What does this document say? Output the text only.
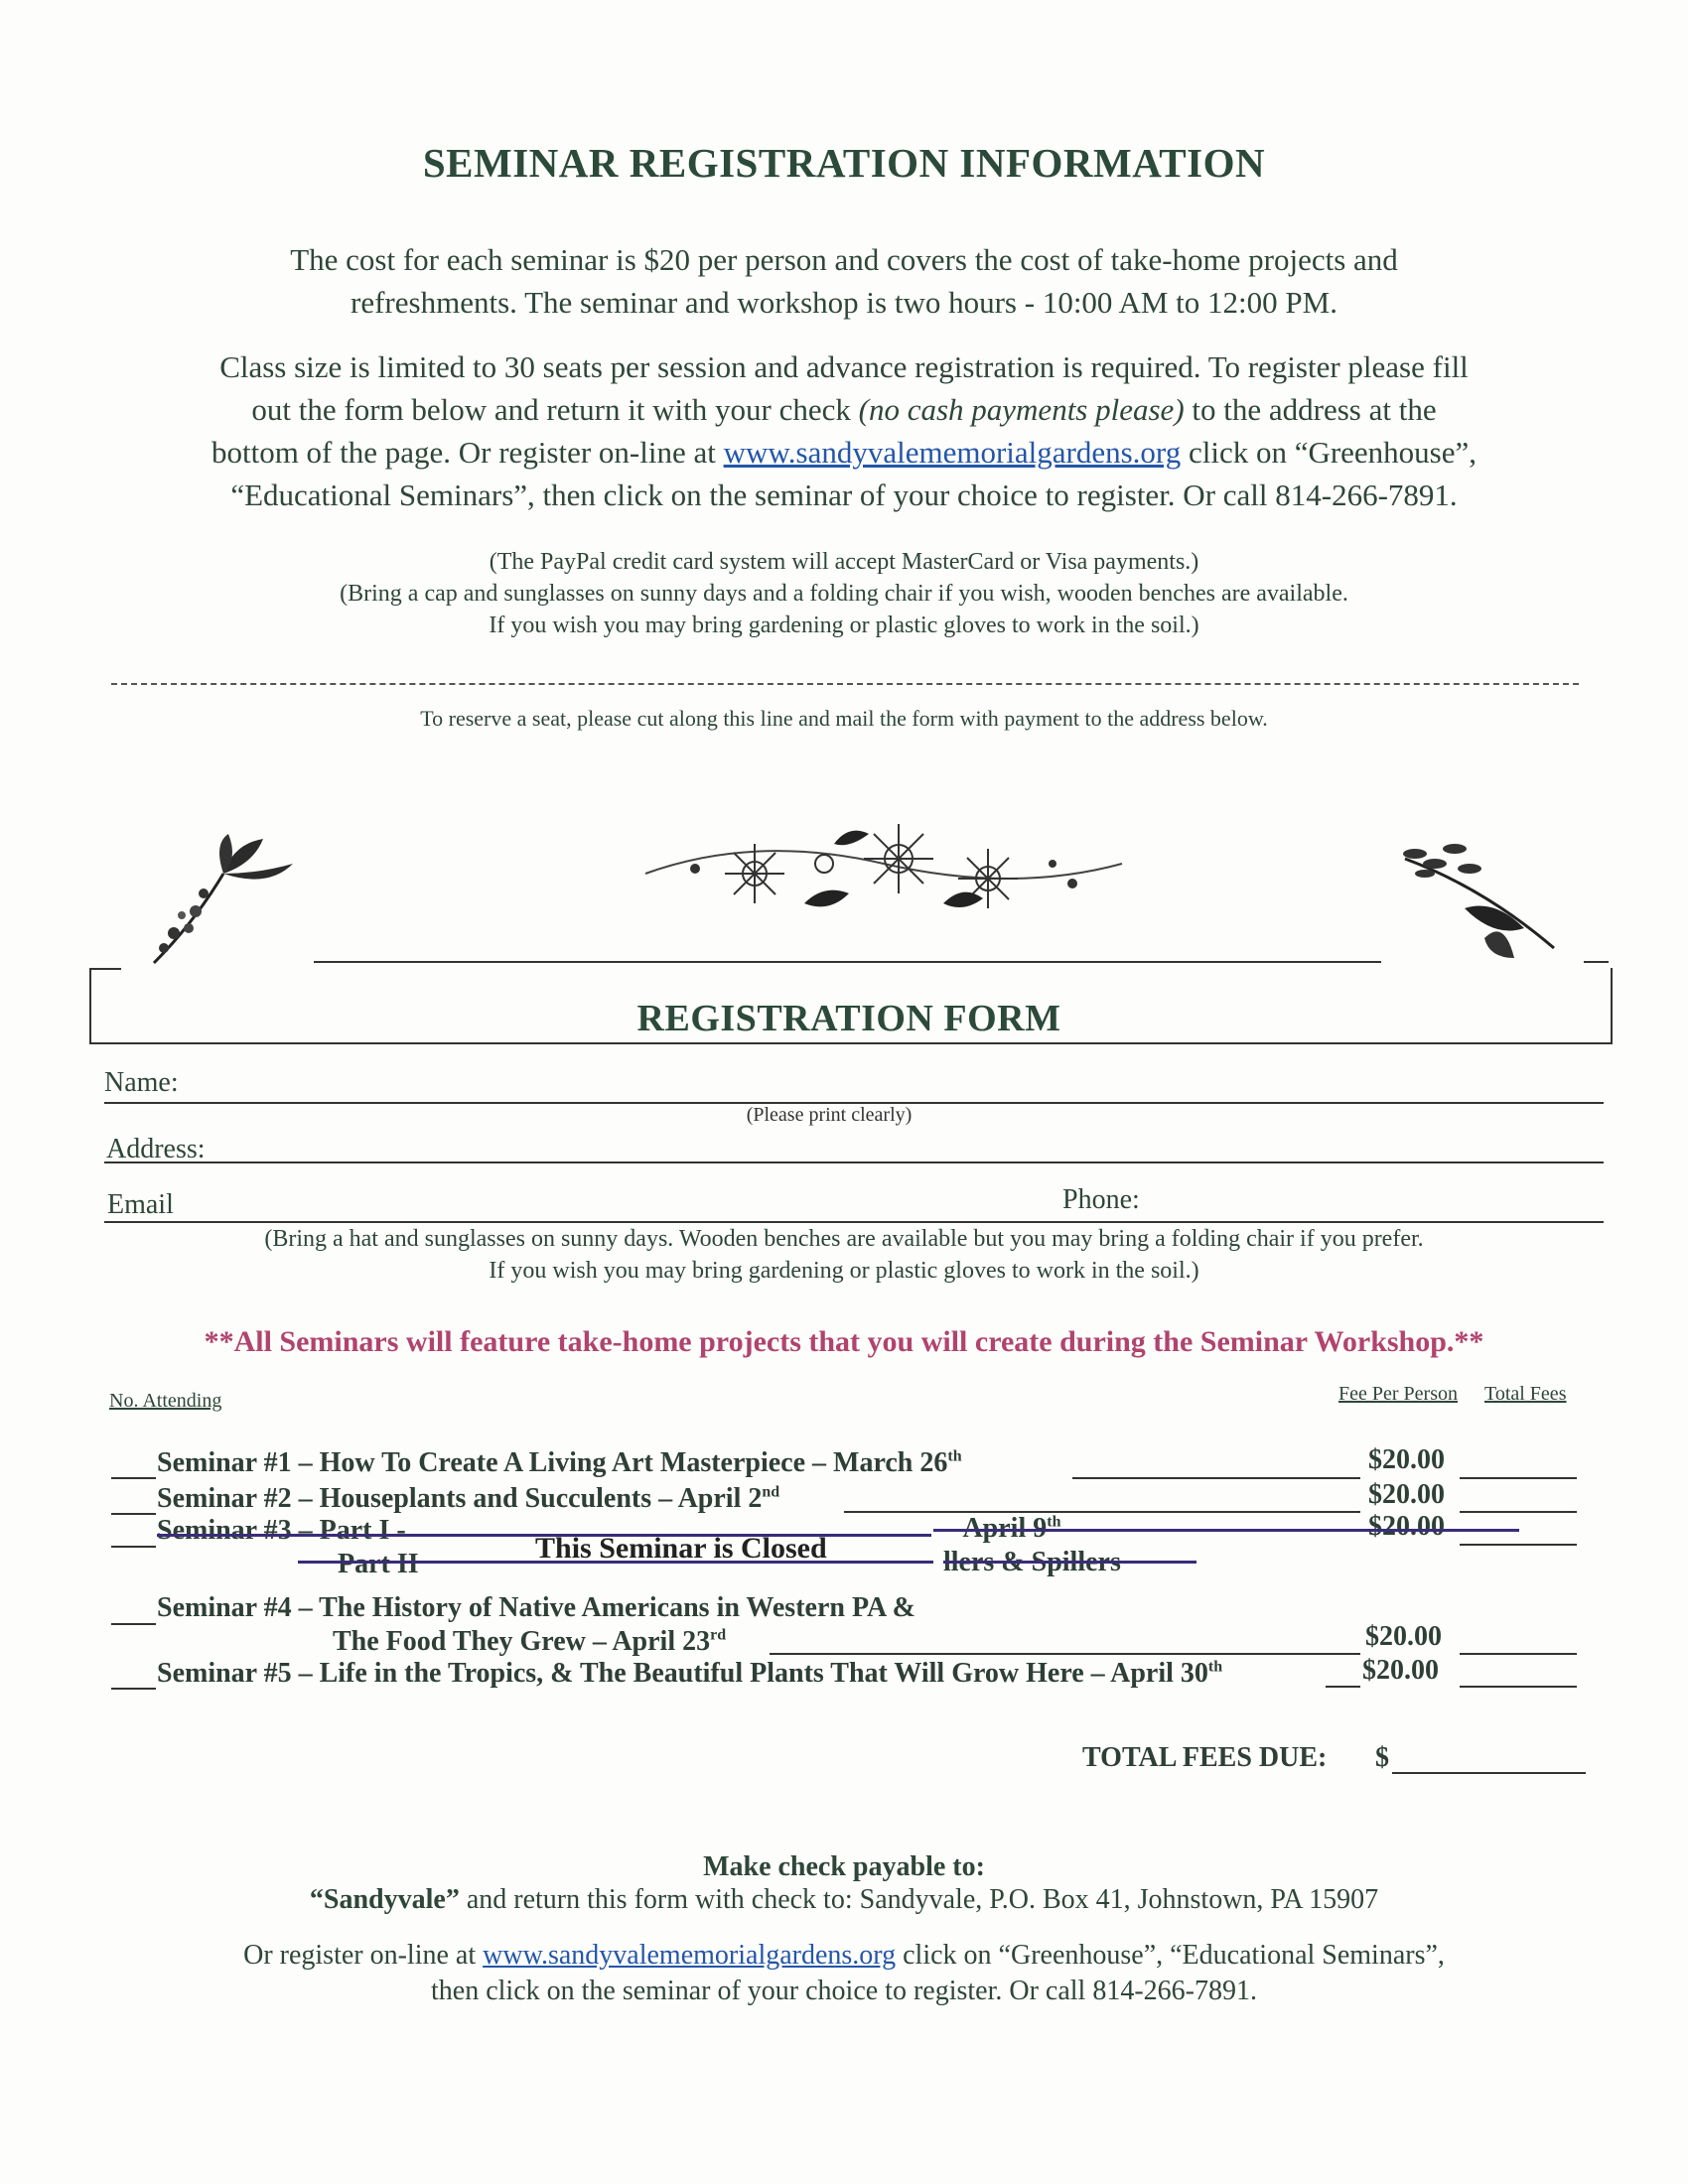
SEMINAR REGISTRATION INFORMATION
The cost for each seminar is $20 per person and covers the cost of take-home projects and
refreshments. The seminar and workshop is two hours - 10:00 AM to 12:00 PM.
Class size is limited to 30 seats per session and advance registration is required. To register please fill
out the form below and return it with your check (no cash payments please) to the address at the
bottom of the page. Or register on-line at www.sandyvalememorialgardens.org click on “Greenhouse”,
“Educational Seminars”, then click on the seminar of your choice to register. Or call 814-266-7891.
(The PayPal credit card system will accept MasterCard or Visa payments.)
(Bring a cap and sunglasses on sunny days and a folding chair if you wish, wooden benches are available.
If you wish you may bring gardening or plastic gloves to work in the soil.)
To reserve a seat, please cut along this line and mail the form with payment to the address below.
REGISTRATION FORM
Name:
(Please print clearly)
Address:
Email	Phone:
(Bring a hat and sunglasses on sunny days. Wooden benches are available but you may bring a folding chair if you prefer.
If you wish you may bring gardening or plastic gloves to work in the soil.)
**All Seminars will feature take-home projects that you will create during the Seminar Workshop.**
No. Attending	Fee Per Person Total Fees
Seminar #1 – How To Create A Living Art Masterpiece – March 26th	$20.00
Seminar #2 – Houseplants and Succulents – April 2nd	$20.00
Seminar #3 – Part I -	– April 9th	$20.00
Part II	llers & Spillers
This Seminar is Closed
Seminar #4 – The History of Native Americans in Western PA &
The Food They Grew – April 23rd	$20.00
Seminar #5 – Life in the Tropics, & The Beautiful Plants That Will Grow Here – April 30th	$20.00
TOTAL FEES DUE: $
Make check payable to:
“Sandyvale” and return this form with check to: Sandyvale, P.O. Box 41, Johnstown, PA 15907
Or register on-line at www.sandyvalememorialgardens.org click on “Greenhouse”, “Educational Seminars”,
then click on the seminar of your choice to register. Or call 814-266-7891.
